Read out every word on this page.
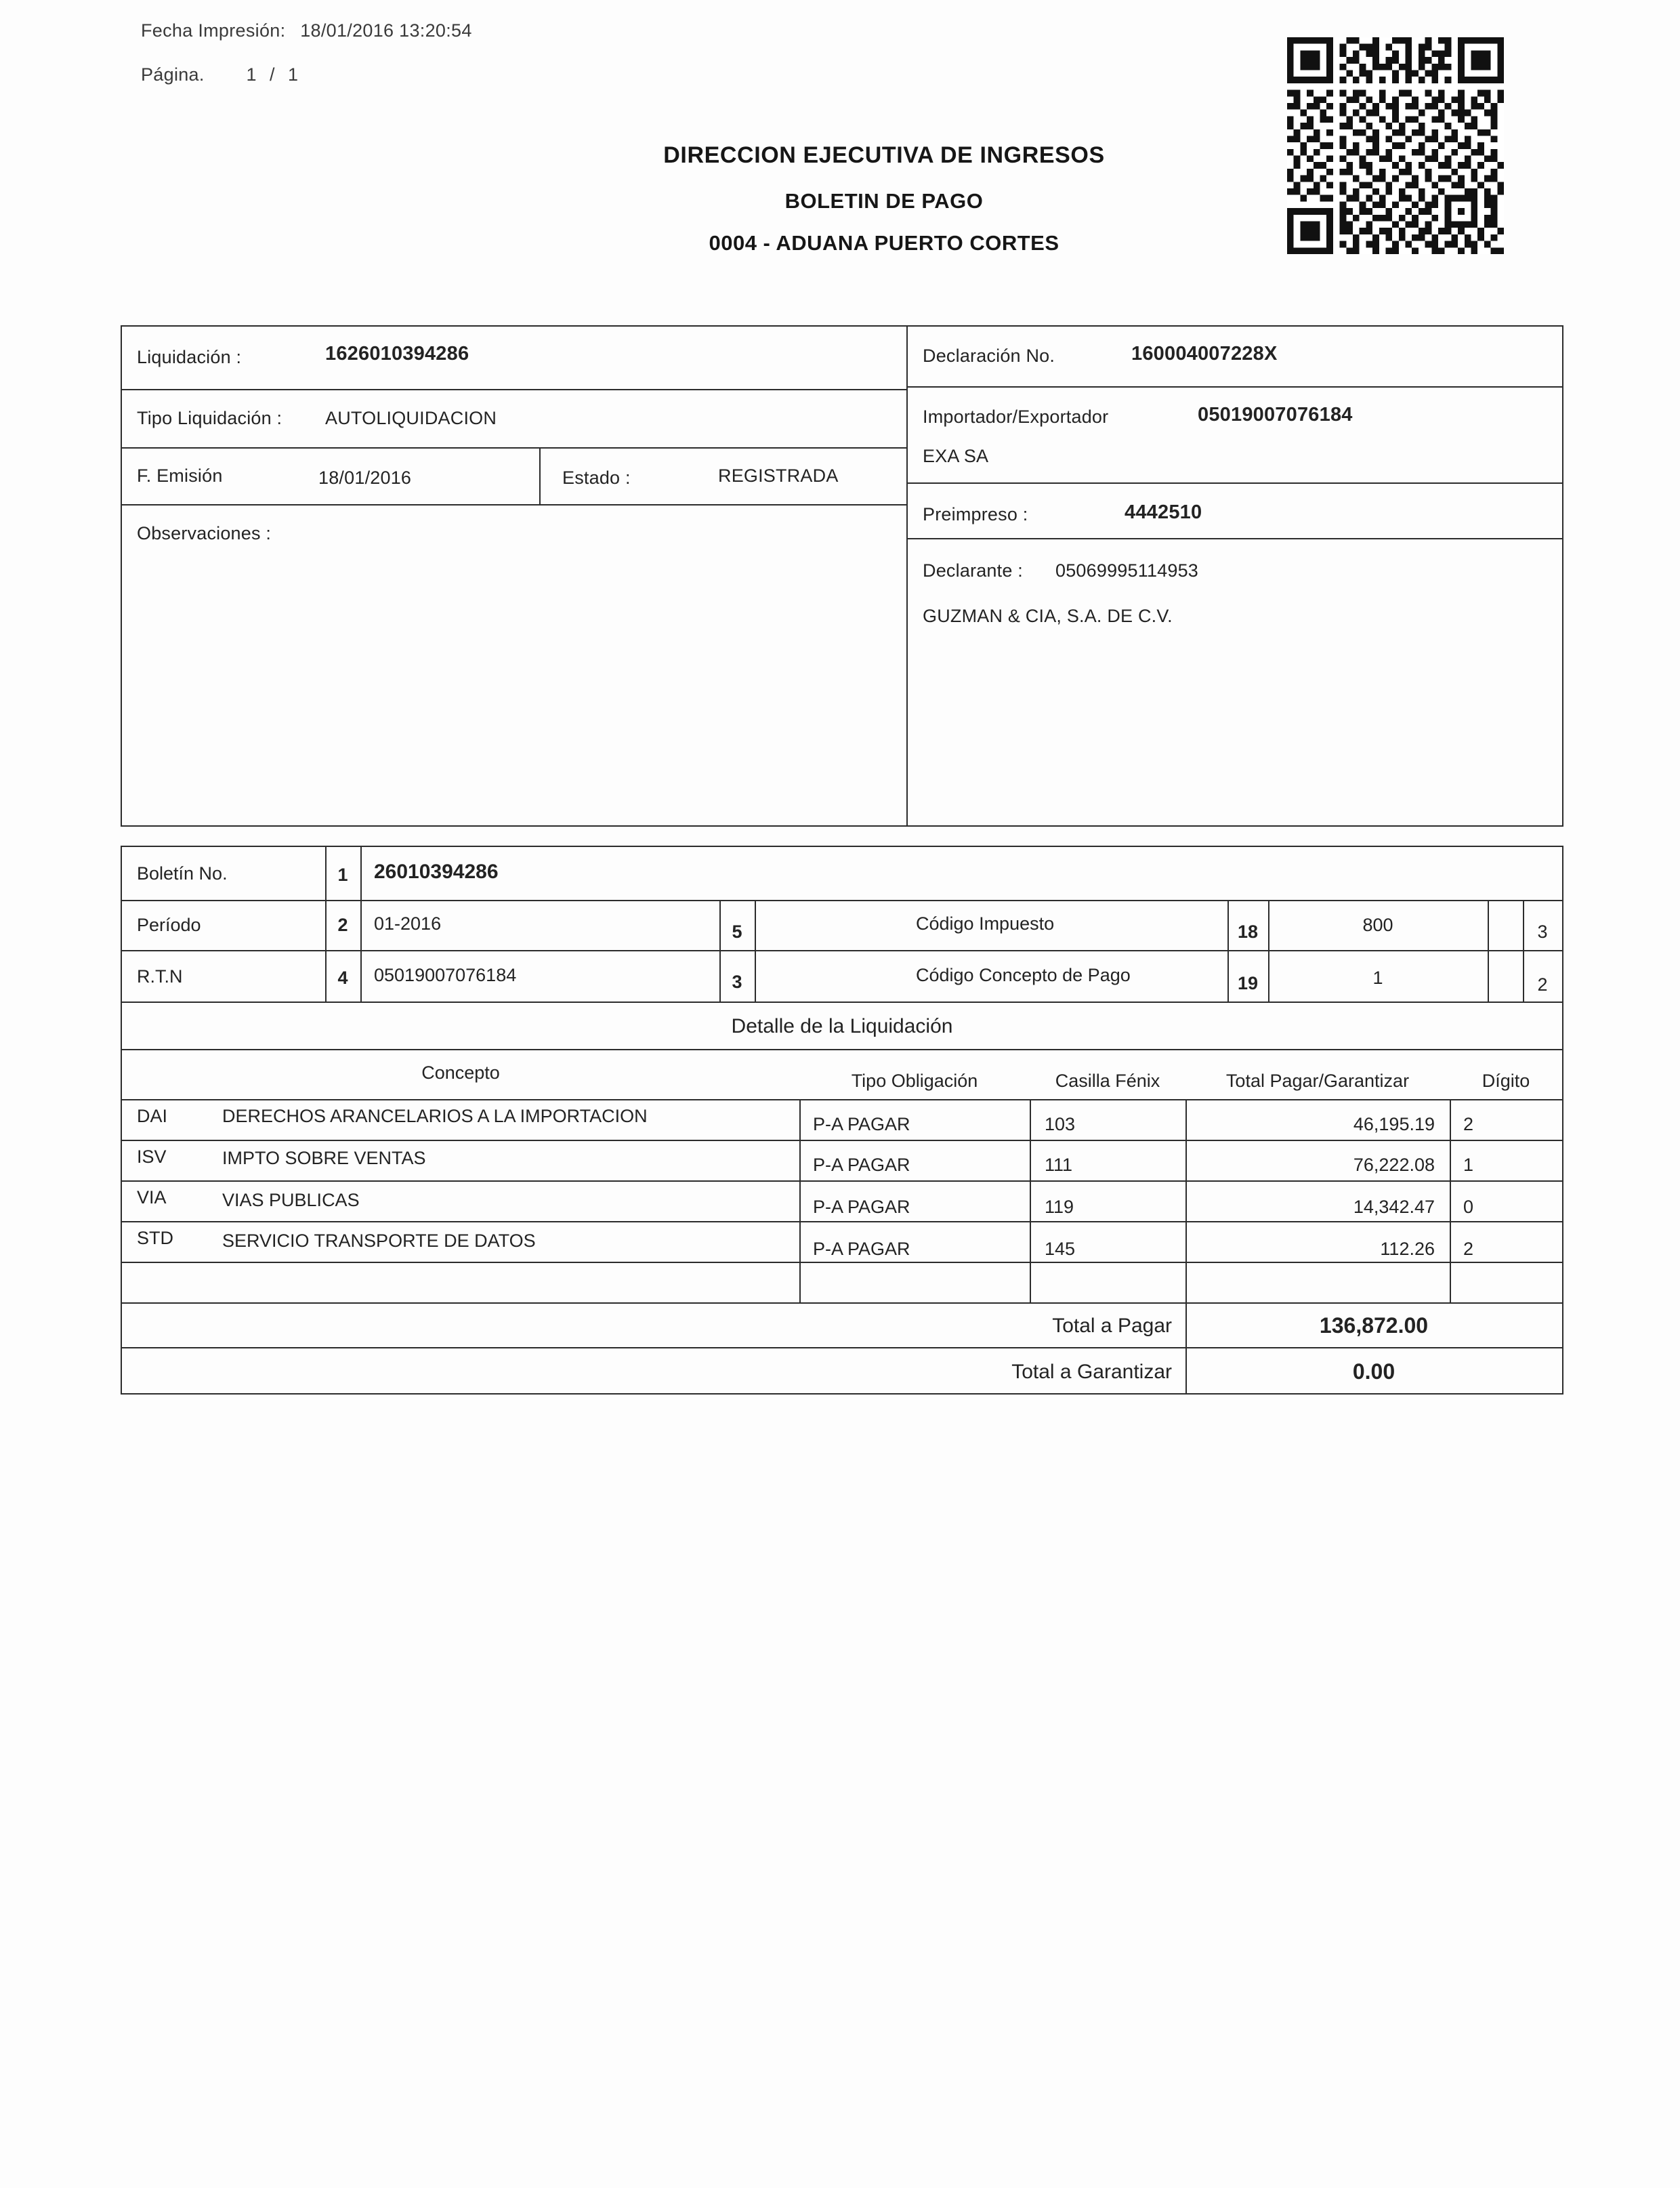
Fecha Impresión: 18/01/2016 13:20:54
Página. 1 / 1
DIRECCION EJECUTIVA DE INGRESOS
BOLETIN DE PAGO
0004 - ADUANA PUERTO CORTES
Liquidación :	1626010394286
Tipo Liquidación : AUTOLIQUIDACION
F. Emisión	18/01/2016	Estado :	REGISTRADA
Observaciones :
Declaración No.	160004007228X
Importador/Exportador	05019007076184
EXA SA
Preimpreso :	4442510
Declarante : 05069995114953
GUZMAN & CIA, S.A. DE C.V.
Boletín No.	1	26010394286
Período	2	01-2016	5	Código Impuesto	18	800	3
R.T.N	4	05019007076184	3	Código Concepto de Pago	19	1	2
Detalle de la Liquidación
Concepto	Tipo Obligación	Casilla Fénix	Total Pagar/Garantizar	Dígito
DAI	DERECHOS ARANCELARIOS A LA IMPORTACION	P-A PAGAR	103	46,195.19 2
ISV	IMPTO SOBRE VENTAS	P-A PAGAR	111	76,222.08 1
VIA	VIAS PUBLICAS	P-A PAGAR	119	14,342.47 0
STD	SERVICIO TRANSPORTE DE DATOS	P-A PAGAR	145	112.26 2
Total a Pagar	136,872.00
Total a Garantizar	0.00
